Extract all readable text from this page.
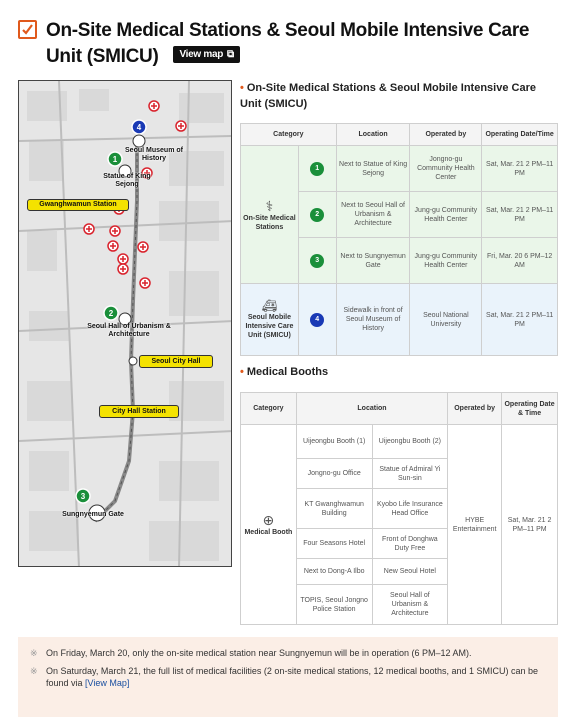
On-Site Medical Stations & Seoul Mobile Intensive Care Unit (SMICU) View map ⧉
4
1
2
3
Seoul Museum of History
Statue of King Sejong
Gwanghwamun Station
Seoul Hall of Urbanism & Architecture
Seoul City Hall
City Hall Station
Sungnyemun Gate
• On-Site Medical Stations & Seoul Mobile Intensive Care Unit (SMICU)
Category		Location	Operated by	Operating Date/Time

⚕
On-Site Medical Stations	1	Next to Statue of King Sejong	Jongno-gu Community Health Center	Sat, Mar. 21 2 PM–11 PM
	2	Next to Seoul Hall of Urbanism & Architecture	Jung-gu Community Health Center	Sat, Mar. 21 2 PM–11 PM
	3	Next to Sungnyemun Gate	Jung-gu Community Health Center	Fri, Mar. 20 6 PM–12 AM

🚑︎
Seoul Mobile Intensive Care Unit (SMICU)	4	Sidewalk in front of Seoul Museum of History	Seoul National University	Sat, Mar. 21 2 PM–11 PM
• Medical Booths
Category	Location		Operated by	Operating Date & Time

⊕
Medical Booth	Uijeongbu Booth (1)	Uijeongbu Booth (2)	HYBE Entertainment	Sat, Mar. 21 2 PM–11 PM
	Jongno-gu Office	Statue of Admiral Yi Sun-sin		
	KT Gwanghwamun Building	Kyobo Life Insurance Head Office		
	Four Seasons Hotel	Front of Donghwa Duty Free		
	Next to Dong-A Ilbo	New Seoul Hotel		
	TOPIS, Seoul Jongno Police Station	Seoul Hall of Urbanism & Architecture		
※ On Friday, March 20, only the on-site medical station near Sungnyemun will be in operation (6 PM–12 AM).
※ On Saturday, March 21, the full list of medical facilities (2 on-site medical stations, 12 medical booths, and 1 SMICU) can be found via [View Map]
